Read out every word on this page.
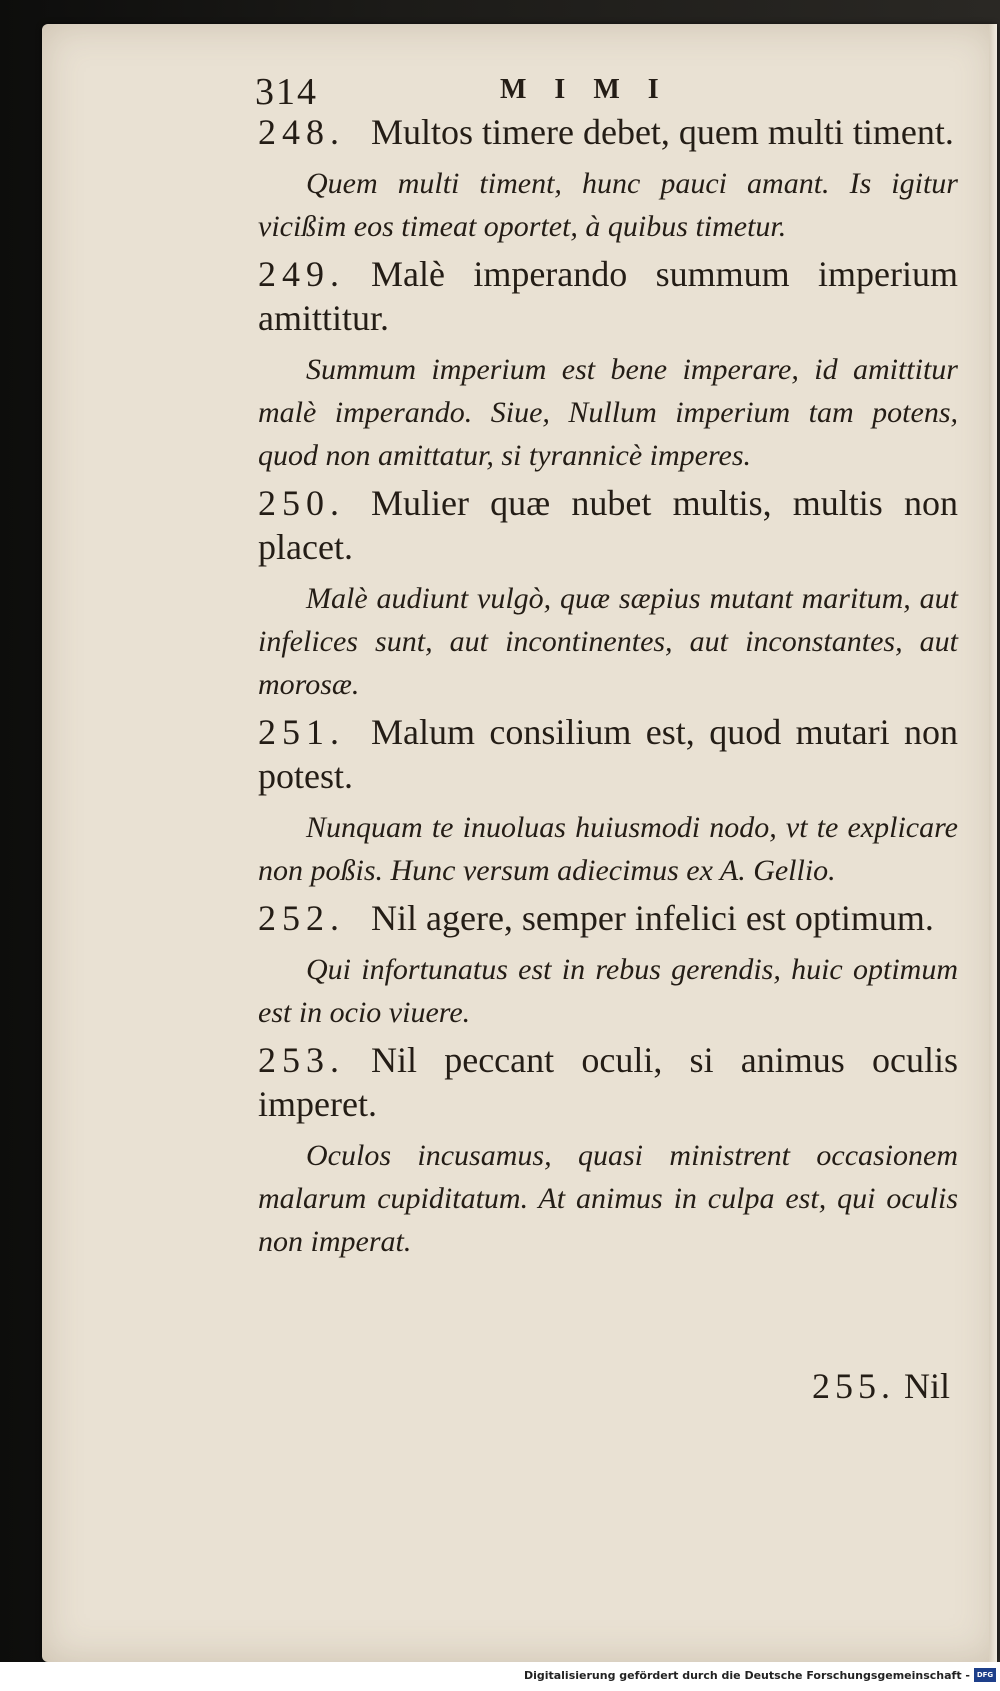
314	MIMI

248. Multos timere debet, quem multi timent.

Quem multi timent, hunc pauci amant. Is igitur vicißim eos timeat oportet, à quibus timetur.

249. Malè imperando summum imperium amittitur.

Summum imperium est bene imperare, id amittitur malè imperando. Siue, Nullum imperium tam potens, quod non amittatur, si tyrannicè imperes.

250. Mulier quæ nubet multis, multis non placet.

Malè audiunt vulgò, quæ sæpius mutant maritum, aut infelices sunt, aut incontinentes, aut inconstantes, aut morosæ.

251. Malum consilium est, quod mutari non potest.

Nunquam te inuoluas huiusmodi nodo, vt te explicare non poßis. Hunc versum adiecimus ex A. Gellio.

252. Nil agere, semper infelici est optimum.

Qui infortunatus est in rebus gerendis, huic optimum est in ocio viuere.

253. Nil peccant oculi, si animus oculis imperet.

Oculos incusamus, quasi ministrent occasionem malarum cupiditatum. At animus in culpa est, qui oculis non imperat.

255. Nil
Digitalisierung gefördert durch die Deutsche Forschungsgemeinschaft - DFG
